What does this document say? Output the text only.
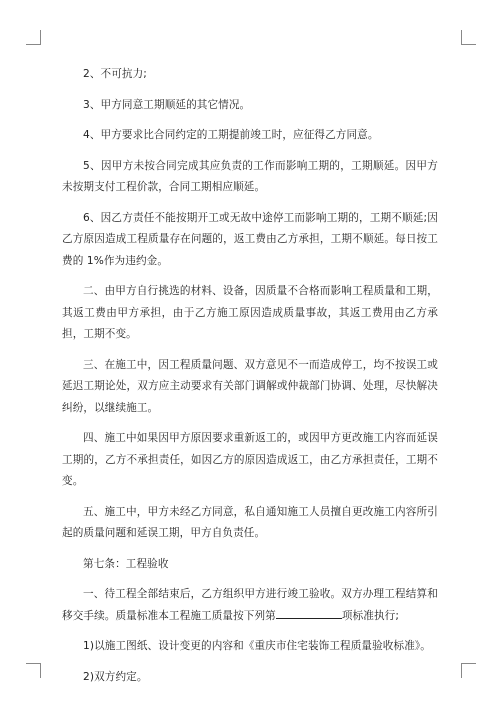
2、不可抗力;

3、甲方同意工期顺延的其它情况。

4、甲方要求比合同约定的工期提前竣工时，应征得乙方同意。

5、因甲方未按合同完成其应负责的工作而影响工期的，工期顺延。因甲方未按期支付工程价款，合同工期相应顺延。

6、因乙方责任不能按期开工或无故中途停工而影响工期的，工期不顺延;因乙方原因造成工程质量存在问题的，返工费由乙方承担，工期不顺延。每日按工费的 1%作为违约金。

二、由甲方自行挑选的材料、设备，因质量不合格而影响工程质量和工期，其返工费由甲方承担，由于乙方施工原因造成质量事故，其返工费用由乙方承担，工期不变。

三、在施工中，因工程质量问题、双方意见不一而造成停工，均不按误工或延迟工期论处，双方应主动要求有关部门调解或仲裁部门协调、处理，尽快解决纠纷，以继续施工。

四、施工中如果因甲方原因要求重新返工的，或因甲方更改施工内容而延误工期的，乙方不承担责任，如因乙方的原因造成返工，由乙方承担责任，工期不变。

五、施工中，甲方未经乙方同意，私自通知施工人员擅自更改施工内容所引起的质量问题和延误工期，甲方自负责任。

第七条：工程验收

一、待工程全部结束后，乙方组织甲方进行竣工验收。双方办理工程结算和移交手续。质量标准本工程施工质量按下列第	项标准执行;

1)以施工图纸、设计变更的内容和《重庆市住宅装饰工程质量验收标准》。

2)双方约定。
